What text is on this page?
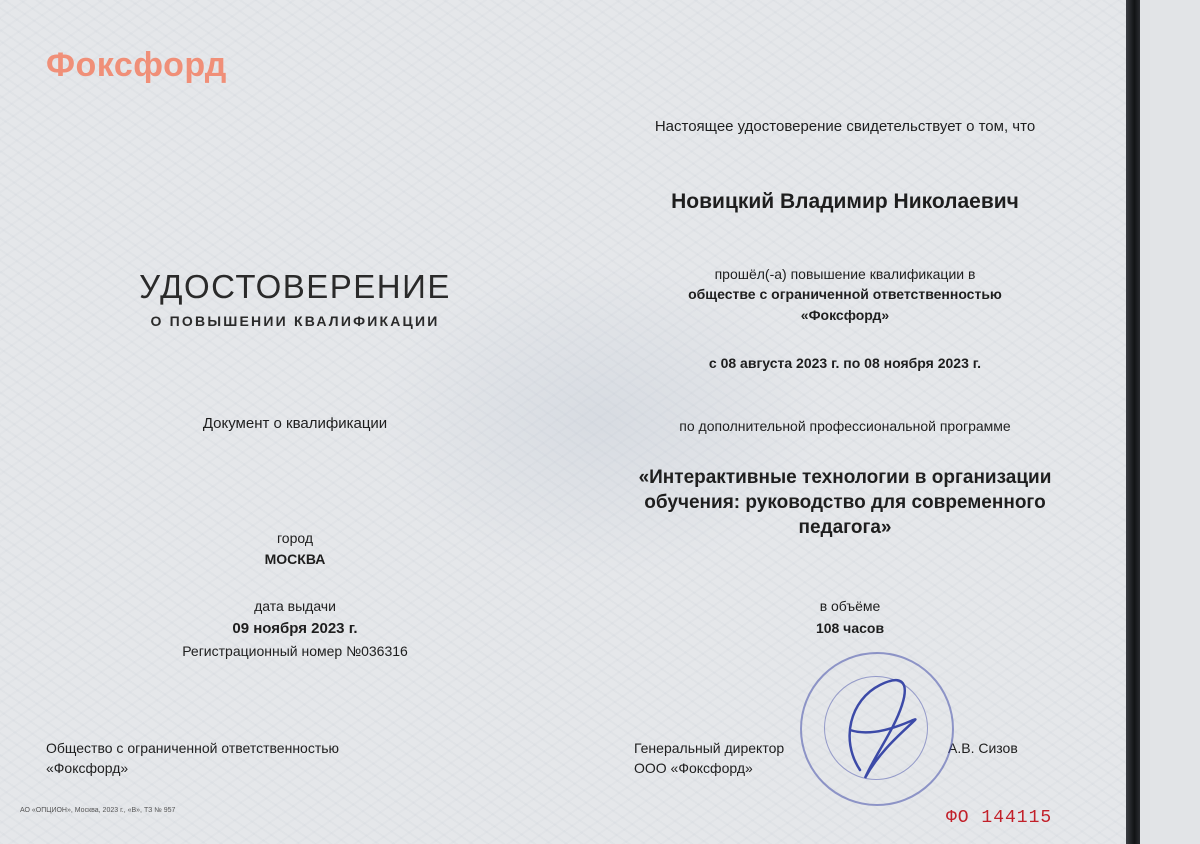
Фоксфорд
УДОСТОВЕРЕНИЕ
О ПОВЫШЕНИИ КВАЛИФИКАЦИИ
Документ о квалификации
город
МОСКВА
дата выдачи
09 ноября 2023 г.
Регистрационный номер №036316
Общество с ограниченной ответственностью
«Фоксфорд»
АО «ОПЦИОН», Москва, 2023 г., «В», ТЗ № 957
Настоящее удостоверение свидетельствует о том, что
Новицкий Владимир Николаевич
прошёл(-а) повышение квалификации в
обществе с ограниченной ответственностью
«Фоксфорд»
с 08 августа 2023 г. по 08 ноября 2023 г.
по дополнительной профессиональной программе
«Интерактивные технологии в организации
обучения: руководство для современного
педагога»
в объёме
108 часов
Генеральный директор
ООО «Фоксфорд»
А.В. Сизов
ФО 144115
